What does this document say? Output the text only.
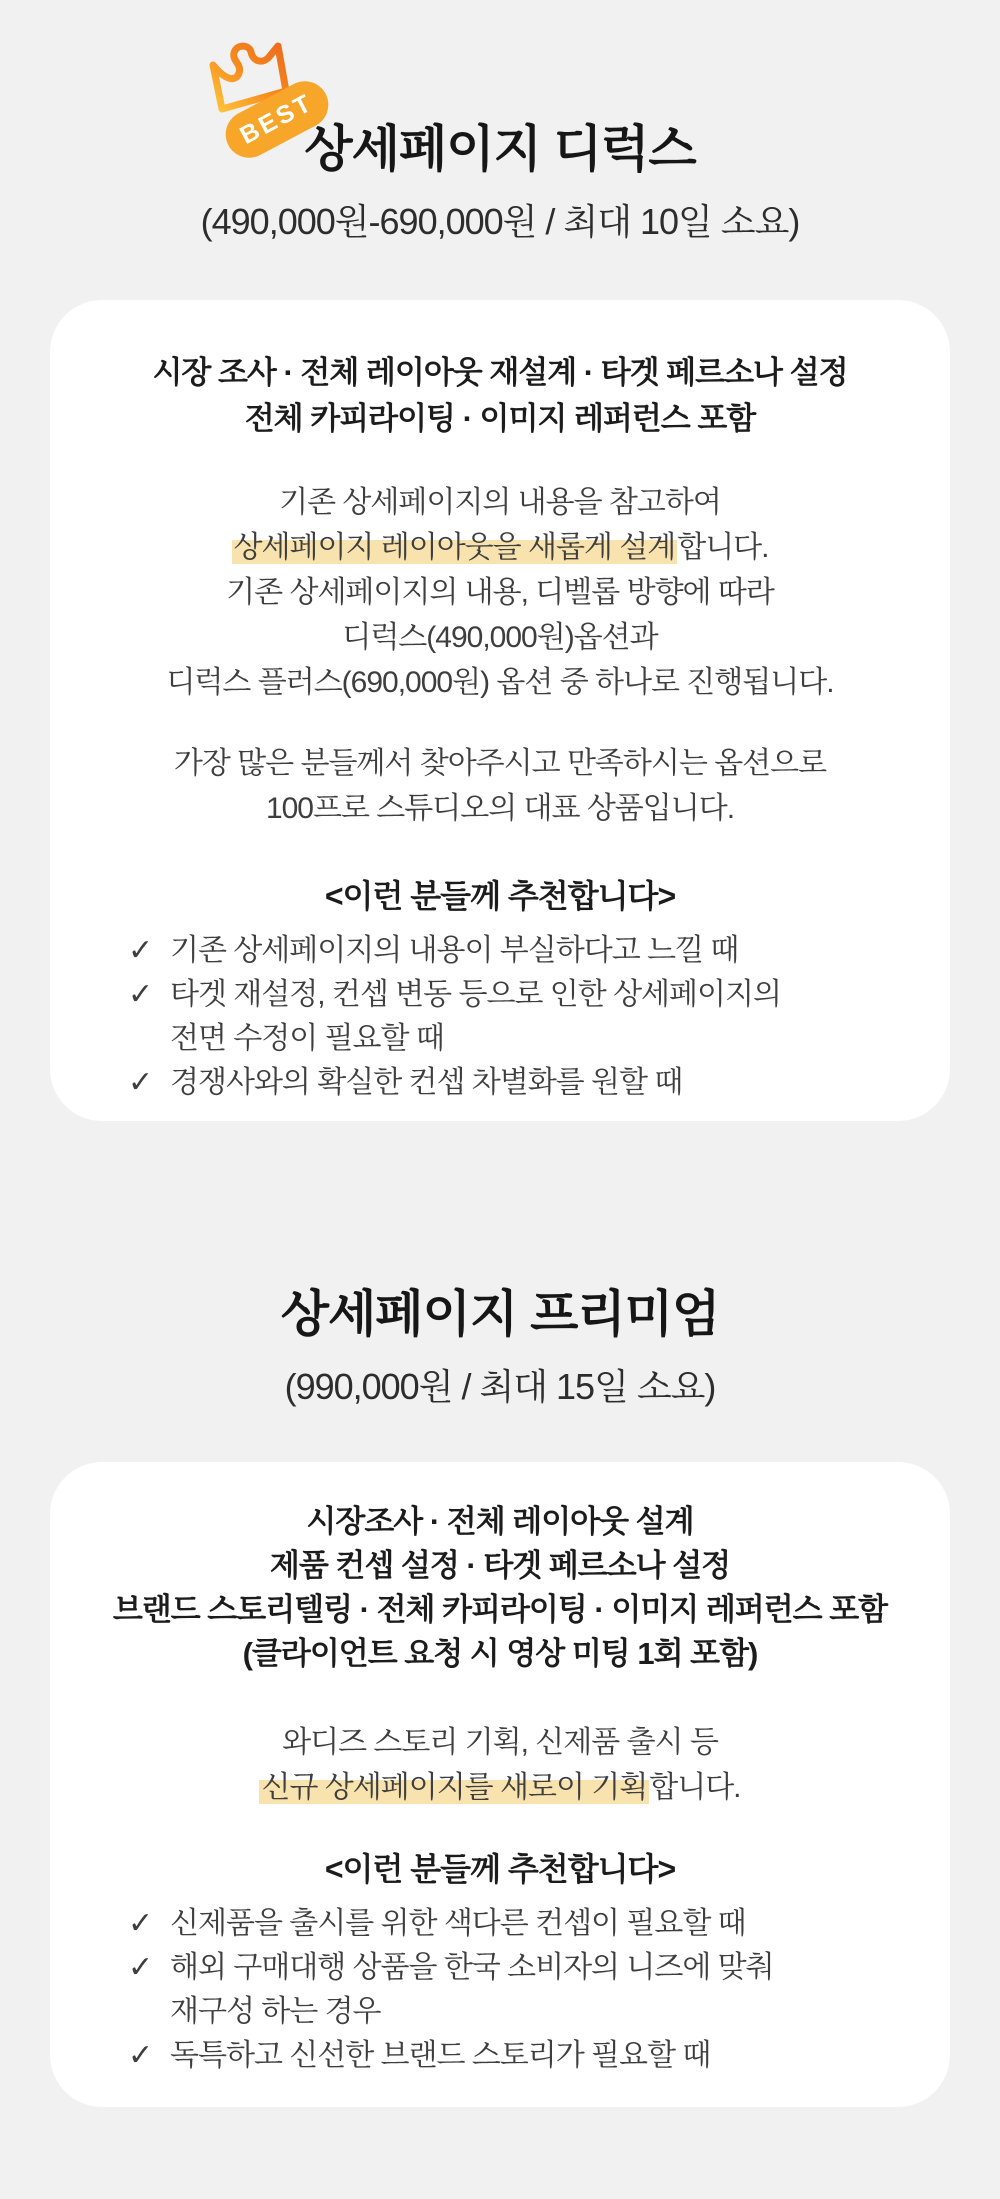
BEST
상세페이지 디럭스

(490,000원-690,000원 / 최대 10일 소요)

시장 조사 · 전체 레이아웃 재설계 · 타겟 페르소나 설정
전체 카피라이팅 · 이미지 레퍼런스 포함
기존 상세페이지의 내용을 참고하여
상세페이지 레이아웃을 새롭게 설계합니다.
기존 상세페이지의 내용, 디벨롭 방향에 따라
디럭스(490,000원)옵션과
디럭스 플러스(690,000원) 옵션 중 하나로 진행됩니다.
가장 많은 분들께서 찾아주시고 만족하시는 옵션으로
100프로 스튜디오의 대표 상품입니다.
<이런 분들께 추천합니다>
✓ 기존 상세페이지의 내용이 부실하다고 느낄 때
✓ 타겟 재설정, 컨셉 변동 등으로 인한 상세페이지의
전면 수정이 필요할 때
✓ 경쟁사와의 확실한 컨셉 차별화를 원할 때
상세페이지 프리미엄

(990,000원 / 최대 15일 소요)

시장조사 · 전체 레이아웃 설계
제품 컨셉 설정 · 타겟 페르소나 설정
브랜드 스토리텔링 · 전체 카피라이팅 · 이미지 레퍼런스 포함
(클라이언트 요청 시 영상 미팅 1회 포함)
와디즈 스토리 기획, 신제품 출시 등
신규 상세페이지를 새로이 기획합니다.
<이런 분들께 추천합니다>
✓ 신제품을 출시를 위한 색다른 컨셉이 필요할 때
✓ 해외 구매대행 상품을 한국 소비자의 니즈에 맞춰
재구성 하는 경우
✓ 독특하고 신선한 브랜드 스토리가 필요할 때
